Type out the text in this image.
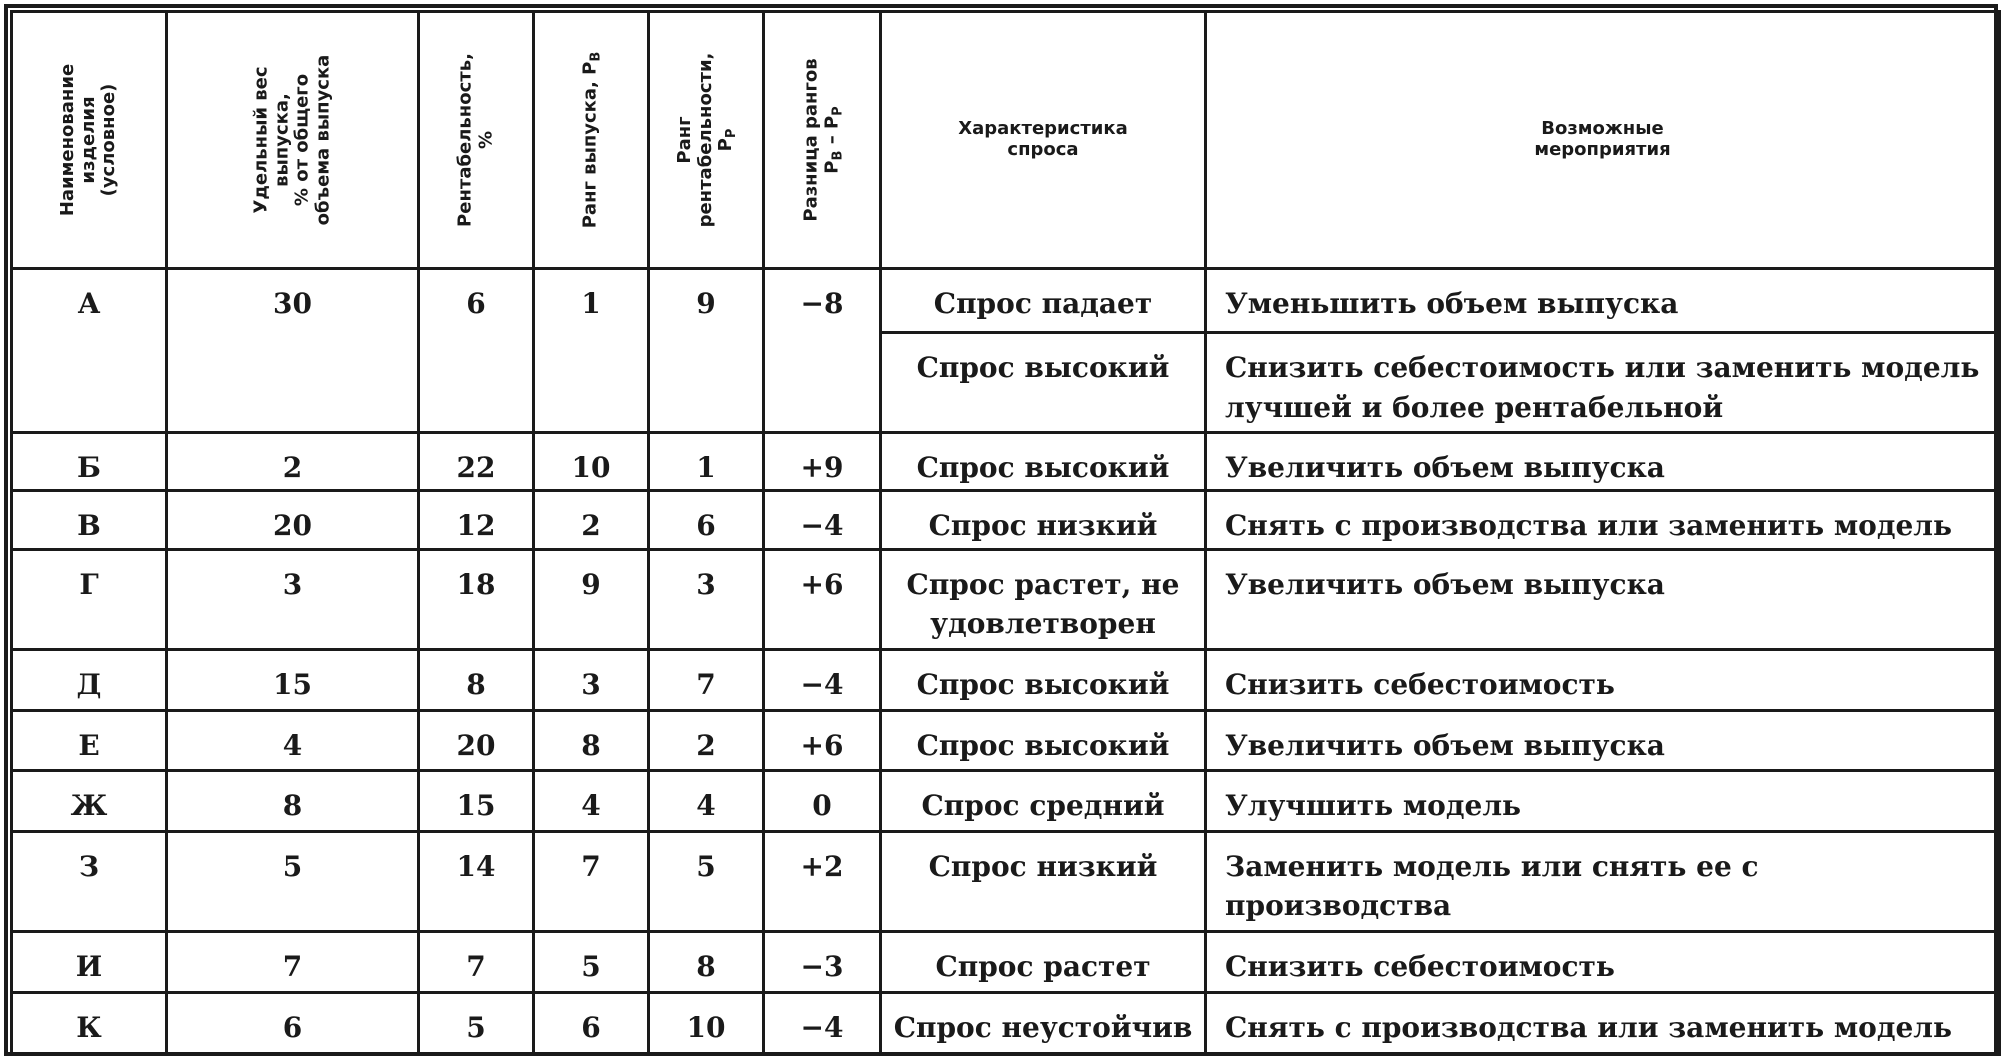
Наименование
изделия
(условное)	Удельный вес
выпуска,
% от общего
объема выпуска	Рентабельность,
%	Ранг выпуска, $Р_В$	Ранг
рентабельности,
$Р_Р$	Разница рангов
$Р_В - Р_Р$	Характеристика
спроса	Возможные
мероприятия
А	30	6	1	9	−8	Спрос падает	Уменьшить объем выпуска
						Спрос высокий	Снизить себестоимость или заменить модель лучшей и более рентабельной
Б	2	22	10	1	+9	Спрос высокий	Увеличить объем выпуска
В	20	12	2	6	−4	Спрос низкий	Снять с производства или заменить модель
Г	3	18	9	3	+6	Спрос растет, не удовлетворен	Увеличить объем выпуска
Д	15	8	3	7	−4	Спрос высокий	Снизить себестоимость
Е	4	20	8	2	+6	Спрос высокий	Увеличить объем выпуска
Ж	8	15	4	4	0	Спрос средний	Улучшить модель
З	5	14	7	5	+2	Спрос низкий	Заменить модель или снять ее с производства
И	7	7	5	8	−3	Спрос растет	Снизить себестоимость
К	6	5	6	10	−4	Спрос неустойчив	Снять с производства или заменить модель
